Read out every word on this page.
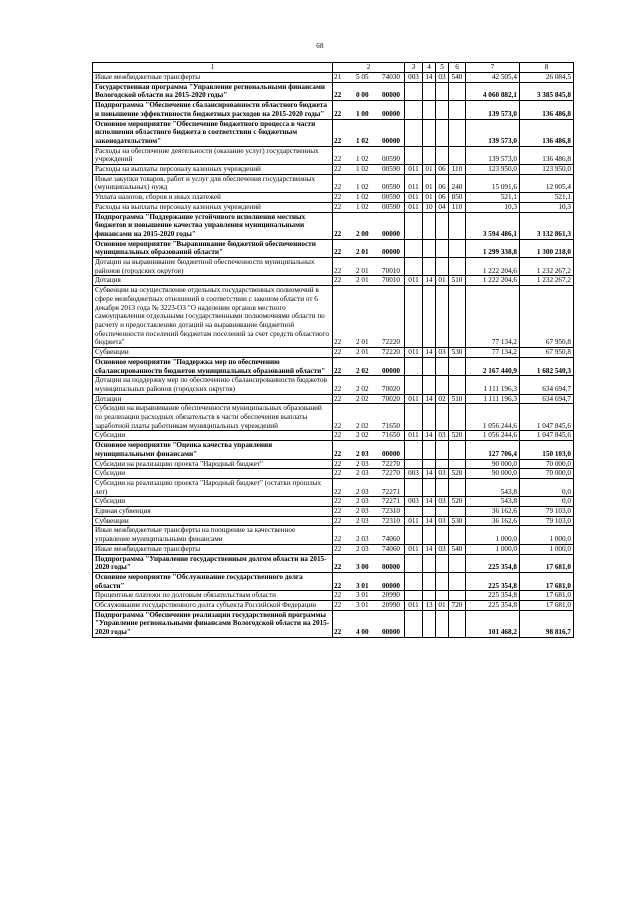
68
1	2	3	4	5	6	7	8
Иные межбюджетные трансферты	21 5 05 74030	003	14	03	540	42 505,4	26 084,5
Государственная программа "Управление региональными финансами Вологодской области на 2015-2020 годы"	22 0 00 00000					4 060 882,1	3 385 845,8
Подпрограмма "Обеспечение сбалансированности областного бюджета и повышение эффективности бюджетных расходов на 2015-2020 годы"	22 1 00 00000					139 573,0	136 486,8
Основное мероприятие "Обеспечение бюджетного процесса в части исполнения областного бюджета в соответствии с бюджетным законодательством"	22 1 02 00000					139 573,0	136 486,8
Расходы на обеспечение деятельности (оказание услуг) государственных учреждений	22 1 02 00590					139 573,0	136 486,8
Расходы на выплаты персоналу казенных учреждений	22 1 02 00590	011	01	06	110	123 950,0	123 950,0
Иные закупки товаров, работ и услуг для обеспечения государственных (муниципальных) нужд	22 1 02 00590	011	01	06	240	15 091,6	12 005,4
Уплата налогов, сборов и иных платежей	22 1 02 00590	011	01	06	850	521,1	521,1
Расходы на выплаты персоналу казенных учреждений	22 1 02 00590	011	10	04	110	10,3	10,3
Подпрограмма "Поддержание устойчивого исполнения местных бюджетов и повышение качества управления муниципальными финансами на 2015-2020 годы"	22 2 00 00000					3 594 486,1	3 132 861,3
Основное мероприятие "Выравнивание бюджетной обеспеченности муниципальных образований области"	22 2 01 00000					1 299 338,8	1 300 218,0
Дотации на выравнивание бюджетной обеспеченности муниципальных районов (городских округов)	22 2 01 70010					1 222 204,6	1 232 267,2
Дотация	22 2 01 70010	011	14	01	510	1 222 204,6	1 232 267,2
Субвенции на осуществление отдельных государственных полномочий в сфере межбюджетных отношений в соответствии с законом области от 6 декабря 2013 года № 3223-ОЗ "О наделении органов местного самоуправления отдельными государственными полномочиями области по расчету и предоставлению дотаций на выравнивание бюджетной обеспеченности поселений бюджетам поселений за счет средств областного бюджета"	22 2 01 72220					77 134,2	67 950,8
Субвенции	22 2 01 72220	011	14	03	530	77 134,2	67 950,8
Основное мероприятие "Поддержка мер по обеспечению сбалансированности бюджетов муниципальных образований области"	22 2 02 00000					2 167 440,9	1 682 540,3
Дотации на поддержку мер по обеспечению сбалансированности бюджетов муниципальных районов (городских округов)	22 2 02 70020					1 111 196,3	634 694,7
Дотации	22 2 02 70020	011	14	02	510	1 111 196,3	634 694,7
Субсидии на выравнивание обеспеченности муниципальных образований по реализации расходных обязательств в части обеспечения выплаты заработной платы работникам муниципальных учреждений	22 2 02 71650					1 056 244,6	1 047 845,6
Субсидии	22 2 02 71650	011	14	03	520	1 056 244,6	1 047 845,6
Основное мероприятие "Оценка качества управления муниципальными финансами"	22 2 03 00000					127 706,4	150 103,0
Субсидии на реализацию проекта "Народный бюджет"	22 2 03 72270					90 000,0	70 000,0
Субсидии	22 2 03 72270	003	14	03	520	90 000,0	70 000,0
Субсидии на реализацию проекта "Народный бюджет" (остатки прошлых лет)	22 2 03 72271					543,8	0,0
Субсидии	22 2 03 72271	003	14	03	520	543,8	0,0
Единая субвенция	22 2 03 72310					36 162,6	79 103,0
Субвенции	22 2 03 72310	011	14	03	530	36 162,6	79 103,0
Иные межбюджетные трансферты на поощрение за качественное управление муниципальными финансами	22 2 03 74060					1 000,0	1 000,0
Иные межбюджетные трансферты	22 2 03 74060	011	14	03	540	1 000,0	1 000,0
Подпрограмма "Управление государственным долгом области на 2015-2020 годы"	22 3 00 00000					225 354,8	17 681,0
Основное мероприятие "Обслуживание государственного долга области"	22 3 01 00000					225 354,8	17 681,0
Процентные платежи по долговым обязательствам области	22 3 01 20990					225 354,8	17 681,0
Обслуживание государственного долга субъекта Российской Федерации	22 3 01 20990	011	13	01	720	225 354,8	17 681,0
Подпрограмма "Обеспечение реализации государственной программы "Управление региональными финансами Вологодской области на 2015-2020 годы"	22 4 00 00000					101 468,2	98 816,7
